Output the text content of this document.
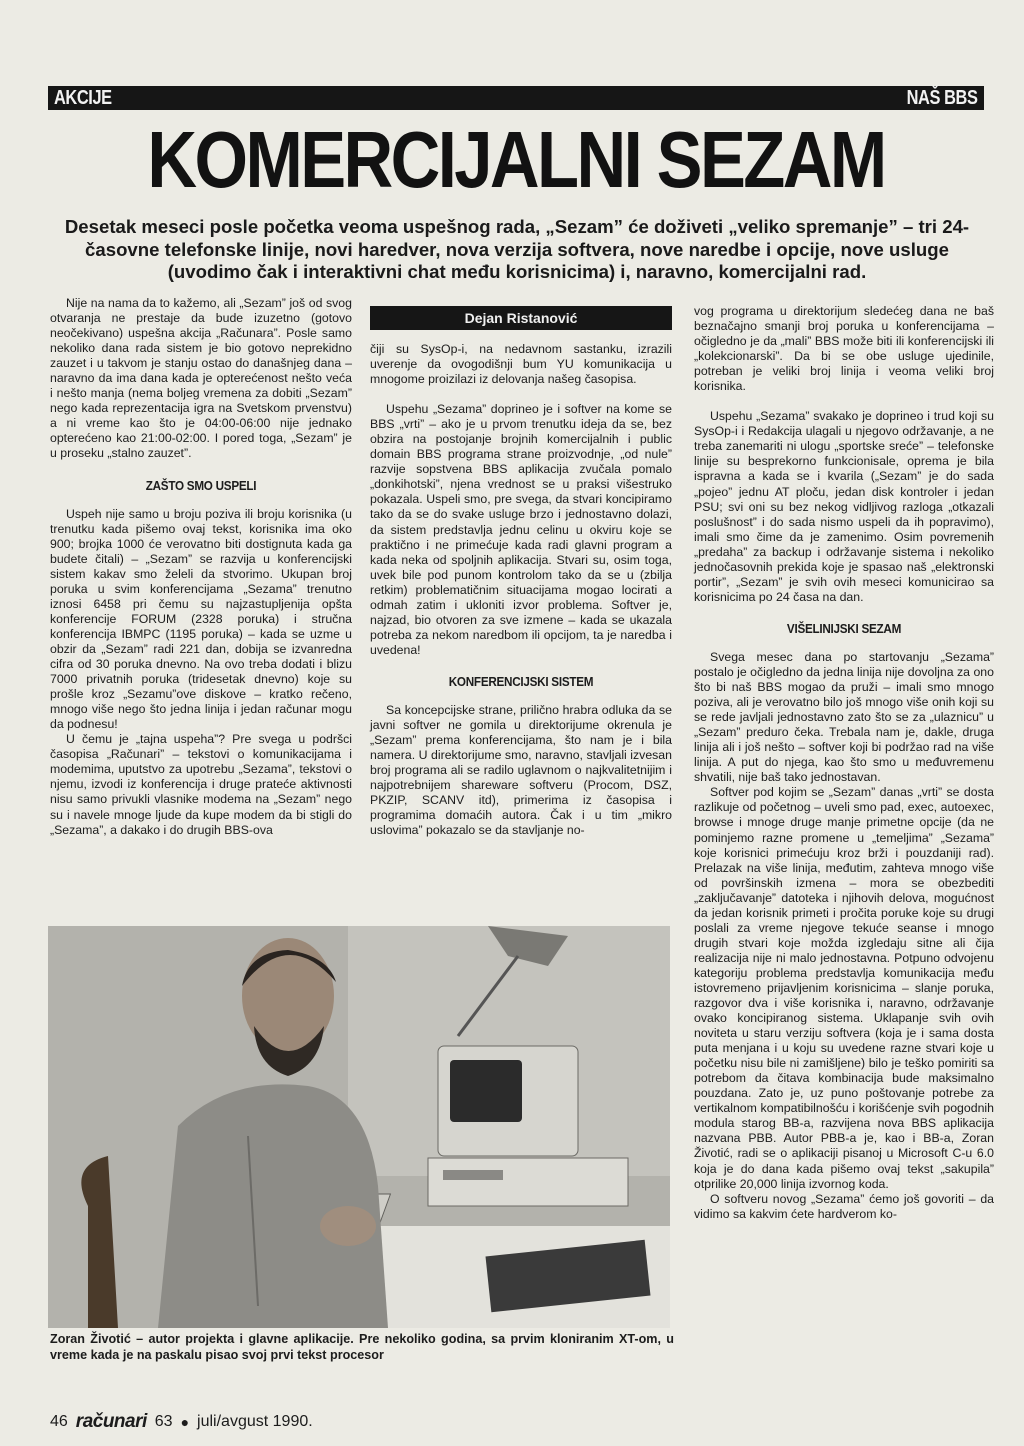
AKCIJE	NAŠ BBS
KOMERCIJALNI SEZAM
Desetak meseci posle početka veoma uspešnog rada, „Sezam” će doživeti „veliko spremanje” – tri 24-časovne telefonske linije, novi haredver, nova verzija softvera, nove naredbe i opcije, nove usluge (uvodimo čak i interaktivni chat među korisnicima) i, naravno, komercijalni rad.

Nije na nama da to kažemo, ali „Sezam” još od svog otvaranja ne prestaje da bude izuzetno (gotovo neočekivano) uspešna akcija „Računara”. Posle samo nekoliko dana rada sistem je bio gotovo neprekidno zauzet i u takvom je stanju ostao do današnjeg dana – naravno da ima dana kada je opterećenost nešto veća i nešto manja (nema boljeg vremena za dobiti „Sezam” nego kada reprezentacija igra na Svetskom prvenstvu) a ni vreme kao što je 04:00-06:00 nije jednako opterećeno kao 21:00-02:00. I pored toga, „Sezam” je u proseku „stalno zauzet”.

ZAŠTO SMO USPELI

Uspeh nije samo u broju poziva ili broju korisnika (u trenutku kada pišemo ovaj tekst, korisnika ima oko 900; brojka 1000 će verovatno biti dostignuta kada ga budete čitali) – „Sezam” se razvija u konferencijski sistem kakav smo želeli da stvorimo. Ukupan broj poruka u svim konferencijama „Sezama” trenutno iznosi 6458 pri čemu su najzastupljenija opšta konferencije FORUM (2328 poruka) i stručna konferencija IBMPC (1195 poruka) – kada se uzme u obzir da „Sezam” radi 221 dan, dobija se izvanredna cifra od 30 poruka dnevno. Na ovo treba dodati i blizu 7000 privatnih poruka (tridesetak dnevno) koje su prošle kroz „Sezamu”ove diskove – kratko rečeno, mnogo više nego što jedna linija i jedan računar mogu da podnesu!

U čemu je „tajna uspeha”? Pre svega u podršci časopisa „Računari” – tekstovi o komunikacijama i modemima, uputstvo za upotrebu „Sezama”, tekstovi o njemu, izvodi iz konferencija i druge prateće aktivnosti nisu samo privukli vlasnike modema na „Sezam” nego su i navele mnoge ljude da kupe modem da bi stigli do „Sezama”, a dakako i do drugih BBS-ova

Dejan Ristanović

čiji su SysOp-i, na nedavnom sastanku, izrazili uverenje da ovogodišnji bum YU komunikacija u mnogome proizilazi iz delovanja našeg časopisa.

Uspehu „Sezama” doprineo je i softver na kome se BBS „vrti” – ako je u prvom trenutku ideja da se, bez obzira na postojanje brojnih komercijalnih i public domain BBS programa strane proizvodnje, „od nule” razvije sopstvena BBS aplikacija zvučala pomalo „donkihotski”, njena vrednost se u praksi višestruko pokazala. Uspeli smo, pre svega, da stvari koncipiramo tako da se do svake usluge brzo i jednostavno dolazi, da sistem predstavlja jednu celinu u okviru koje se praktično i ne primećuje kada radi glavni program a kada neka od spoljnih aplikacija. Stvari su, osim toga, uvek bile pod punom kontrolom tako da se u (zbilja retkim) problematičnim situacijama mogao locirati a odmah zatim i ukloniti izvor problema. Softver je, najzad, bio otvoren za sve izmene – kada se ukazala potreba za nekom naredbom ili opcijom, ta je naredba i uvedena!

KONFERENCIJSKI SISTEM

Sa koncepcijske strane, prilično hrabra odluka da se javni softver ne gomila u direktorijume okrenula je „Sezam” prema konferencijama, što nam je i bila namera. U direktorijume smo, naravno, stavljali izvesan broj programa ali se radilo uglavnom o najkvalitetnijim i najpotrebnijem shareware softveru (Procom, DSZ, PKZIP, SCANV itd), primerima iz časopisa i programima domaćih autora. Čak i u tim „mikro uslovima” pokazalo se da stavljanje no-

vog programa u direktorijum sledećeg dana ne baš beznačajno smanji broj poruka u konferencijama – očigledno je da „mali” BBS može biti ili konferencijski ili „kolekcionarski”. Da bi se obe usluge ujedinile, potreban je veliki broj linija i veoma veliki broj korisnika.

Uspehu „Sezama” svakako je doprineo i trud koji su SysOp-i i Redakcija ulagali u njegovo održavanje, a ne treba zanemariti ni ulogu „sportske sreće” – telefonske linije su besprekorno funkcionisale, oprema je bila ispravna a kada se i kvarila („Sezam” je do sada „pojeo” jednu AT ploču, jedan disk kontroler i jedan PSU; svi oni su bez nekog vidljivog razloga „otkazali poslušnost” i do sada nismo uspeli da ih popravimo), imali smo čime da je zamenimo. Osim povremenih „predaha” za backup i održavanje sistema i nekoliko jednočasovnih prekida koje je spasao naš „elektronski portir”, „Sezam” je svih ovih meseci komunicirao sa korisnicima po 24 časa na dan.

VIŠELINIJSKI SEZAM

Svega mesec dana po startovanju „Sezama” postalo je očigledno da jedna linija nije dovoljna za ono što bi naš BBS mogao da pruži – imali smo mnogo poziva, ali je verovatno bilo još mnogo više onih koji su se rede javljali jednostavno zato što se za „ulaznicu” u „Sezam” preduго čeka. Trebala nam je, dakle, druga linija ali i još nešto – softver koji bi podržao rad na više linija. A put do njega, kao što smo u međuvremenu shvatili, nije baš tako jednostavan.

Softver pod kojim se „Sezam” danas „vrti” se dosta razlikuje od početnog – uveli smo pad, exec, autoexec, browse i mnoge druge manje primetne opcije (da ne pominjemo razne promene u „temeljima” „Sezama” koje korisnici primećuju kroz brži i pouzdaniji rad). Prelazak na više linija, međutim, zahteva mnogo više od površinskih izmena – mora se obezbediti „zaključavanje” datoteka i njihovih delova, mogućnost da jedan korisnik primeti i pročita poruke koje su drugi poslali za vreme njegove tekuće seanse i mnogo drugih stvari koje možda izgledaju sitne ali čija realizacija nije ni malo jednostavna. Potpuno odvojenu kategoriju problema predstavlja komunikacija među istovremeno prijavljenim korisnicima – slanje poruka, razgovor dva i više korisnika i, naravno, održavanje ovako koncipiranog sistema. Uklapanje svih ovih noviteta u staru verziju softvera (koja je i sama dosta puta menjana i u koju su uvedene razne stvari koje u početku nisu bile ni zamišljene) bilo je teško pomiriti sa potrebom da čitava kombinacija bude maksimalno pouzdana. Zato je, uz puno poštovanje potrebe za vertikalnom kompatibilnošću i korišćenje svih pogodnih modula starog BB-a, razvijena nova BBS aplikacija nazvana PBB. Autor PBB-a je, kao i BB-a, Zoran Životić, radi se o aplikaciji pisanoj u Microsoft C-u 6.0 koja je do dana kada pišemo ovaj tekst „sakupila” otprilike 20,000 linija izvornog koda.

O softveru novog „Sezama” ćemo još govoriti – da vidimo sa kakvim ćete hardverom ko-

Zoran Životić – autor projekta i glavne aplikacije. Pre nekoliko godina, sa prvim kloniranim XT-om, u vreme kada je na paskalu pisao svoj prvi tekst procesor
46 računari 63 ● juli/avgust 1990.
